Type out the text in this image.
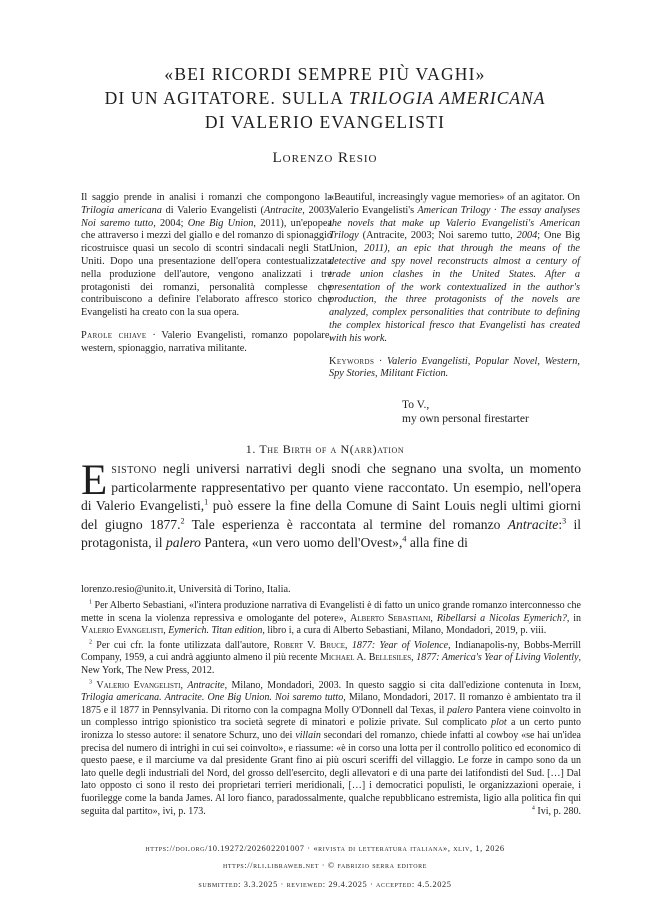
«BEI RICORDI SEMPRE PIÙ VAGHI»
DI UN AGITATORE. SULLA TRILOGIA AMERICANA
DI VALERIO EVANGELISTI
Lorenzo Resio

Il saggio prende in analisi i romanzi che compongono la Trilogia americana di Valerio Evangelisti (Antracite, 2003; Noi saremo tutto, 2004; One Big Union, 2011), un'epopea che attraverso i mezzi del giallo e del romanzo di spionaggio ricostruisce quasi un secolo di scontri sindacali negli Stati Uniti. Dopo una presentazione dell'opera contestualizzata nella produzione dell'autore, vengono analizzati i tre protagonisti dei romanzi, personalità complesse che contribuiscono a definire l'elaborato affresco storico che Evangelisti ha creato con la sua opera.

Parole chiave · Valerio Evangelisti, romanzo popolare, western, spionaggio, narrativa militante.

«Beautiful, increasingly vague memories» of an agitator. On Valerio Evangelisti's American Trilogy · The essay analyses the novels that make up Valerio Evangelisti's American Trilogy (Antracite, 2003; Noi saremo tutto, 2004; One Big Union, 2011), an epic that through the means of the detective and spy novel reconstructs almost a century of trade union clashes in the United States. After a presentation of the work contextualized in the author's production, the three protagonists of the novels are analyzed, complex personalities that contribute to defining the complex historical fresco that Evangelisti has created with his work.

Keywords · Valerio Evangelisti, Popular Novel, Western, Spy Stories, Militant Fiction.

To V.,
my own personal firestarter
1. The Birth of a N(arr)ation

Esistono negli universi narrativi degli snodi che segnano una svolta, un momento particolarmente rappresentativo per quanto viene raccontato. Un esempio, nell'opera di Valerio Evangelisti,$^1$ può essere la fine della Comune di Saint Louis negli ultimi giorni del giugno 1877.$^2$ Tale esperienza è raccontata al termine del romanzo Antracite:$^3$ il protagonista, il palero Pantera, «un vero uomo dell'Ovest»,$^4$ alla fine di

lorenzo.resio@unito.it, Università di Torino, Italia.

$^1$ Per Alberto Sebastiani, «l'intera produzione narrativa di Evangelisti è di fatto un unico grande romanzo interconnesso che mette in scena la violenza repressiva e omologante del potere», Alberto Sebastiani, Ribellarsi a Nicolas Eymerich?, in Valerio Evangelisti, Eymerich. Titan edition, libro i, a cura di Alberto Sebastiani, Milano, Mondadori, 2019, p. viii.

$^2$ Per cui cfr. la fonte utilizzata dall'autore, Robert V. Bruce, 1877: Year of Violence, Indianapolis-ny, Bobbs-Merrill Company, 1959, a cui andrà aggiunto almeno il più recente Michael A. Bellesiles, 1877: America's Year of Living Violently, New York, The New Press, 2012.

$^3$ Valerio Evangelisti, Antracite, Milano, Mondadori, 2003. In questo saggio si cita dall'edizione contenuta in Idem, Trilogia americana. Antracite. One Big Union. Noi saremo tutto, Milano, Mondadori, 2017. Il romanzo è ambientato tra il 1875 e il 1877 in Pennsylvania. Di ritorno con la compagna Molly O'Donnell dal Texas, il palero Pantera viene coinvolto in un complesso intrigo spionistico tra società segrete di minatori e polizie private. Sul complicato plot a un certo punto ironizza lo stesso autore: il senatore Schurz, uno dei villain secondari del romanzo, chiede infatti al cowboy «se hai un'idea precisa del numero di intrighi in cui sei coinvolto», e riassume: «è in corso una lotta per il controllo politico ed economico di questo paese, e il marciume va dal presidente Grant fino ai più oscuri sceriffi del villaggio. Le forze in campo sono da un lato quelle degli industriali del Nord, del grosso dell'esercito, degli allevatori e di una parte dei latifondisti del Sud. […] Dal lato opposto ci sono il resto dei proprietari terrieri meridionali, […] i democratici populisti, le organizzazioni operaie, i fuorilegge come la banda James. Al loro fianco, paradossalmente, qualche repubblicano estremista, ligio alla politica fin qui seguita dal partito», ivi, p. 173.	$^4$ Ivi, p. 280.

https://doi.org/10.19272/202602201007 · «rivista di letteratura italiana», xliv, 1, 2026
https://rli.libraweb.net · © fabrizio serra editore
submitted: 3.3.2025 · reviewed: 29.4.2025 · accepted: 4.5.2025
